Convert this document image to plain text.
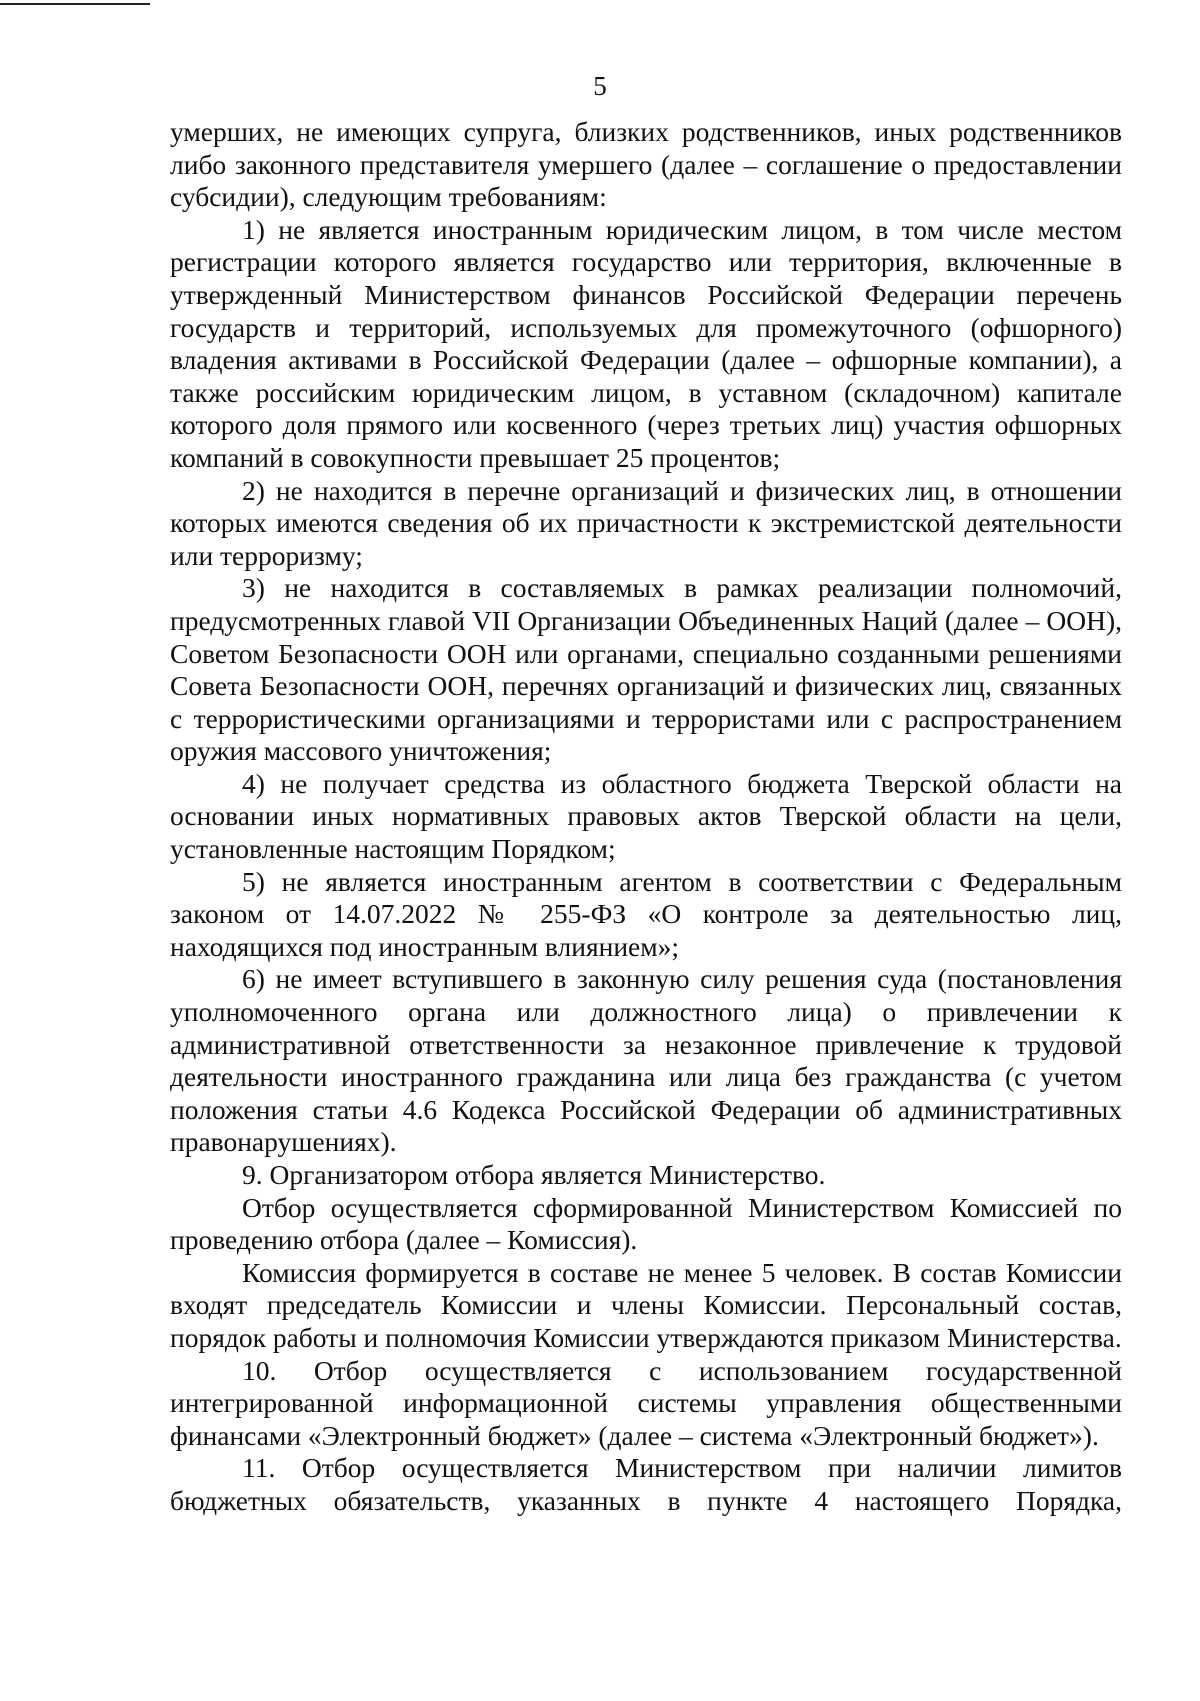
5

умерших, не имеющих супруга, близких родственников, иных родственников либо законного представителя умершего (далее – соглашение о предоставлении субсидии), следующим требованиям:

1) не является иностранным юридическим лицом, в том числе местом регистрации которого является государство или территория, включенные в утвержденный Министерством финансов Российской Федерации перечень государств и территорий, используемых для промежуточного (офшорного) владения активами в Российской Федерации (далее – офшорные компании), а также российским юридическим лицом, в уставном (складочном) капитале которого доля прямого или косвенного (через третьих лиц) участия офшорных компаний в совокупности превышает 25 процентов;

2) не находится в перечне организаций и физических лиц, в отношении которых имеются сведения об их причастности к экстремистской деятельности или терроризму;

3) не находится в составляемых в рамках реализации полномочий, предусмотренных главой VII Организации Объединенных Наций (далее – ООН), Советом Безопасности ООН или органами, специально созданными решениями Совета Безопасности ООН, перечнях организаций и физических лиц, связанных с террористическими организациями и террористами или с распространением оружия массового уничтожения;

4) не получает средства из областного бюджета Тверской области на основании иных нормативных правовых актов Тверской области на цели, установленные настоящим Порядком;

5) не является иностранным агентом в соответствии с Федеральным законом от 14.07.2022 № 255-ФЗ «О контроле за деятельностью лиц, находящихся под иностранным влиянием»;

6) не имеет вступившего в законную силу решения суда (постановления уполномоченного органа или должностного лица) о привлечении к административной ответственности за незаконное привлечение к трудовой деятельности иностранного гражданина или лица без гражданства (с учетом положения статьи 4.6 Кодекса Российской Федерации об административных правонарушениях).

9. Организатором отбора является Министерство.

Отбор осуществляется сформированной Министерством Комиссией по проведению отбора (далее – Комиссия).

Комиссия формируется в составе не менее 5 человек. В состав Комиссии входят председатель Комиссии и члены Комиссии. Персональный состав, порядок работы и полномочия Комиссии утверждаются приказом Министерства.

10. Отбор осуществляется с использованием государственной интегрированной информационной системы управления общественными финансами «Электронный бюджет» (далее – система «Электронный бюджет»).

11. Отбор осуществляется Министерством при наличии лимитов бюджетных обязательств, указанных в пункте 4 настоящего Порядка,
